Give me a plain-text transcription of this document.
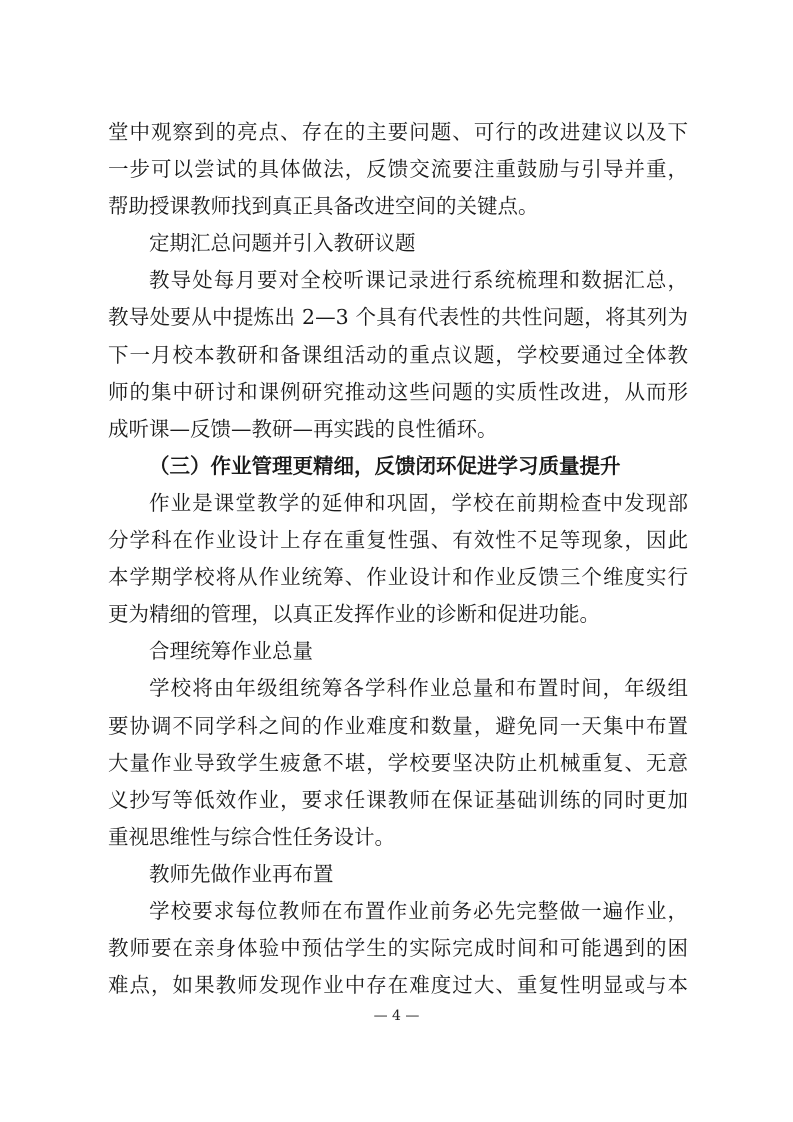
堂中观察到的亮点、存在的主要问题、可行的改进建议以及下
一步可以尝试的具体做法，反馈交流要注重鼓励与引导并重，
帮助授课教师找到真正具备改进空间的关键点。
定期汇总问题并引入教研议题
教导处每月要对全校听课记录进行系统梳理和数据汇总，
教导处要从中提炼出 2—3 个具有代表性的共性问题，将其列为
下一月校本教研和备课组活动的重点议题，学校要通过全体教
师的集中研讨和课例研究推动这些问题的实质性改进，从而形
成听课—反馈—教研—再实践的良性循环。
（三）作业管理更精细，反馈闭环促进学习质量提升
作业是课堂教学的延伸和巩固，学校在前期检查中发现部
分学科在作业设计上存在重复性强、有效性不足等现象，因此
本学期学校将从作业统筹、作业设计和作业反馈三个维度实行
更为精细的管理，以真正发挥作业的诊断和促进功能。
合理统筹作业总量
学校将由年级组统筹各学科作业总量和布置时间，年级组
要协调不同学科之间的作业难度和数量，避免同一天集中布置
大量作业导致学生疲惫不堪，学校要坚决防止机械重复、无意
义抄写等低效作业，要求任课教师在保证基础训练的同时更加
重视思维性与综合性任务设计。
教师先做作业再布置
学校要求每位教师在布置作业前务必先完整做一遍作业，
教师要在亲身体验中预估学生的实际完成时间和可能遇到的困
难点，如果教师发现作业中存在难度过大、重复性明显或与本
— 4 —
